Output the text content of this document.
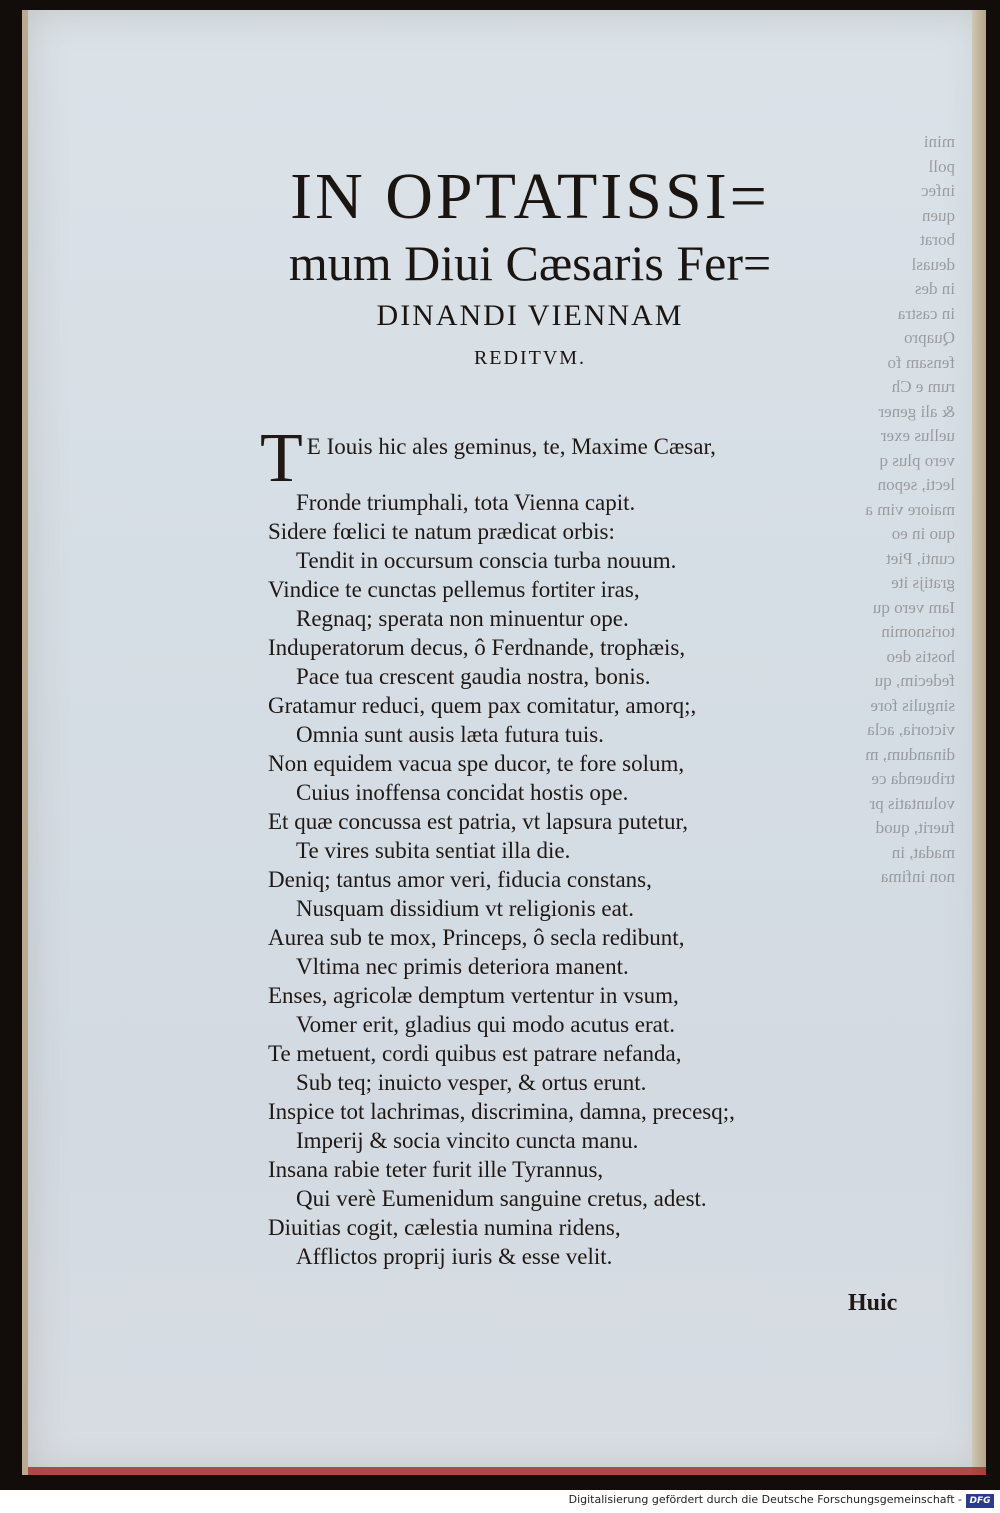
mini
poll
infec
quen
borat
deuasl
in des
in castra
Quapro
fensam fo
rum e Ch
& ali gener
uellus exer
vero plus q
lecti, sepon
maiore vim a
quo in eo
cunti, Piet
gratijs ite
Iam vero qu
torisnomin
hostis deo
fedecim, qu
singulis fore
victoria, acla
dinandum, m
tribuenda ce
voluntatis pr
fuerit, quod
madat, in
non infima
IN OPTATISSI=
mum Diui Cæsaris Fer=
DINANDI VIENNAM
REDITVM.
T E Iouis hic ales geminus, te, Maxime Cæsar,
Fronde triumphali, tota Vienna capit.
Sidere fœlici te natum prædicat orbis:
Tendit in occursum conscia turba nouum.
Vindice te cunctas pellemus fortiter iras,
Regnaq; sperata non minuentur ope.
Induperatorum decus, ô Ferdnande, trophæis,
Pace tua crescent gaudia nostra, bonis.
Gratamur reduci, quem pax comitatur, amorq;,
Omnia sunt ausis læta futura tuis.
Non equidem vacua spe ducor, te fore solum,
Cuius inoffensa concidat hostis ope.
Et quæ concussa est patria, vt lapsura putetur,
Te vires subita sentiat illa die.
Deniq; tantus amor veri, fiducia constans,
Nusquam dissidium vt religionis eat.
Aurea sub te mox, Princeps, ô secla redibunt,
Vltima nec primis deteriora manent.
Enses, agricolæ demptum vertentur in vsum,
Vomer erit, gladius qui modo acutus erat.
Te metuent, cordi quibus est patrare nefanda,
Sub teq; inuicto vesper, & ortus erunt.
Inspice tot lachrimas, discrimina, damna, precesq;,
Imperij & socia vincito cuncta manu.
Insana rabie teter furit ille Tyrannus,
Qui verè Eumenidum sanguine cretus, adest.
Diuitias cogit, cælestia numina ridens,
Afflictos proprij iuris & esse velit.
Huic
Digitalisierung gefördert durch die Deutsche Forschungsgemeinschaft - DFG
